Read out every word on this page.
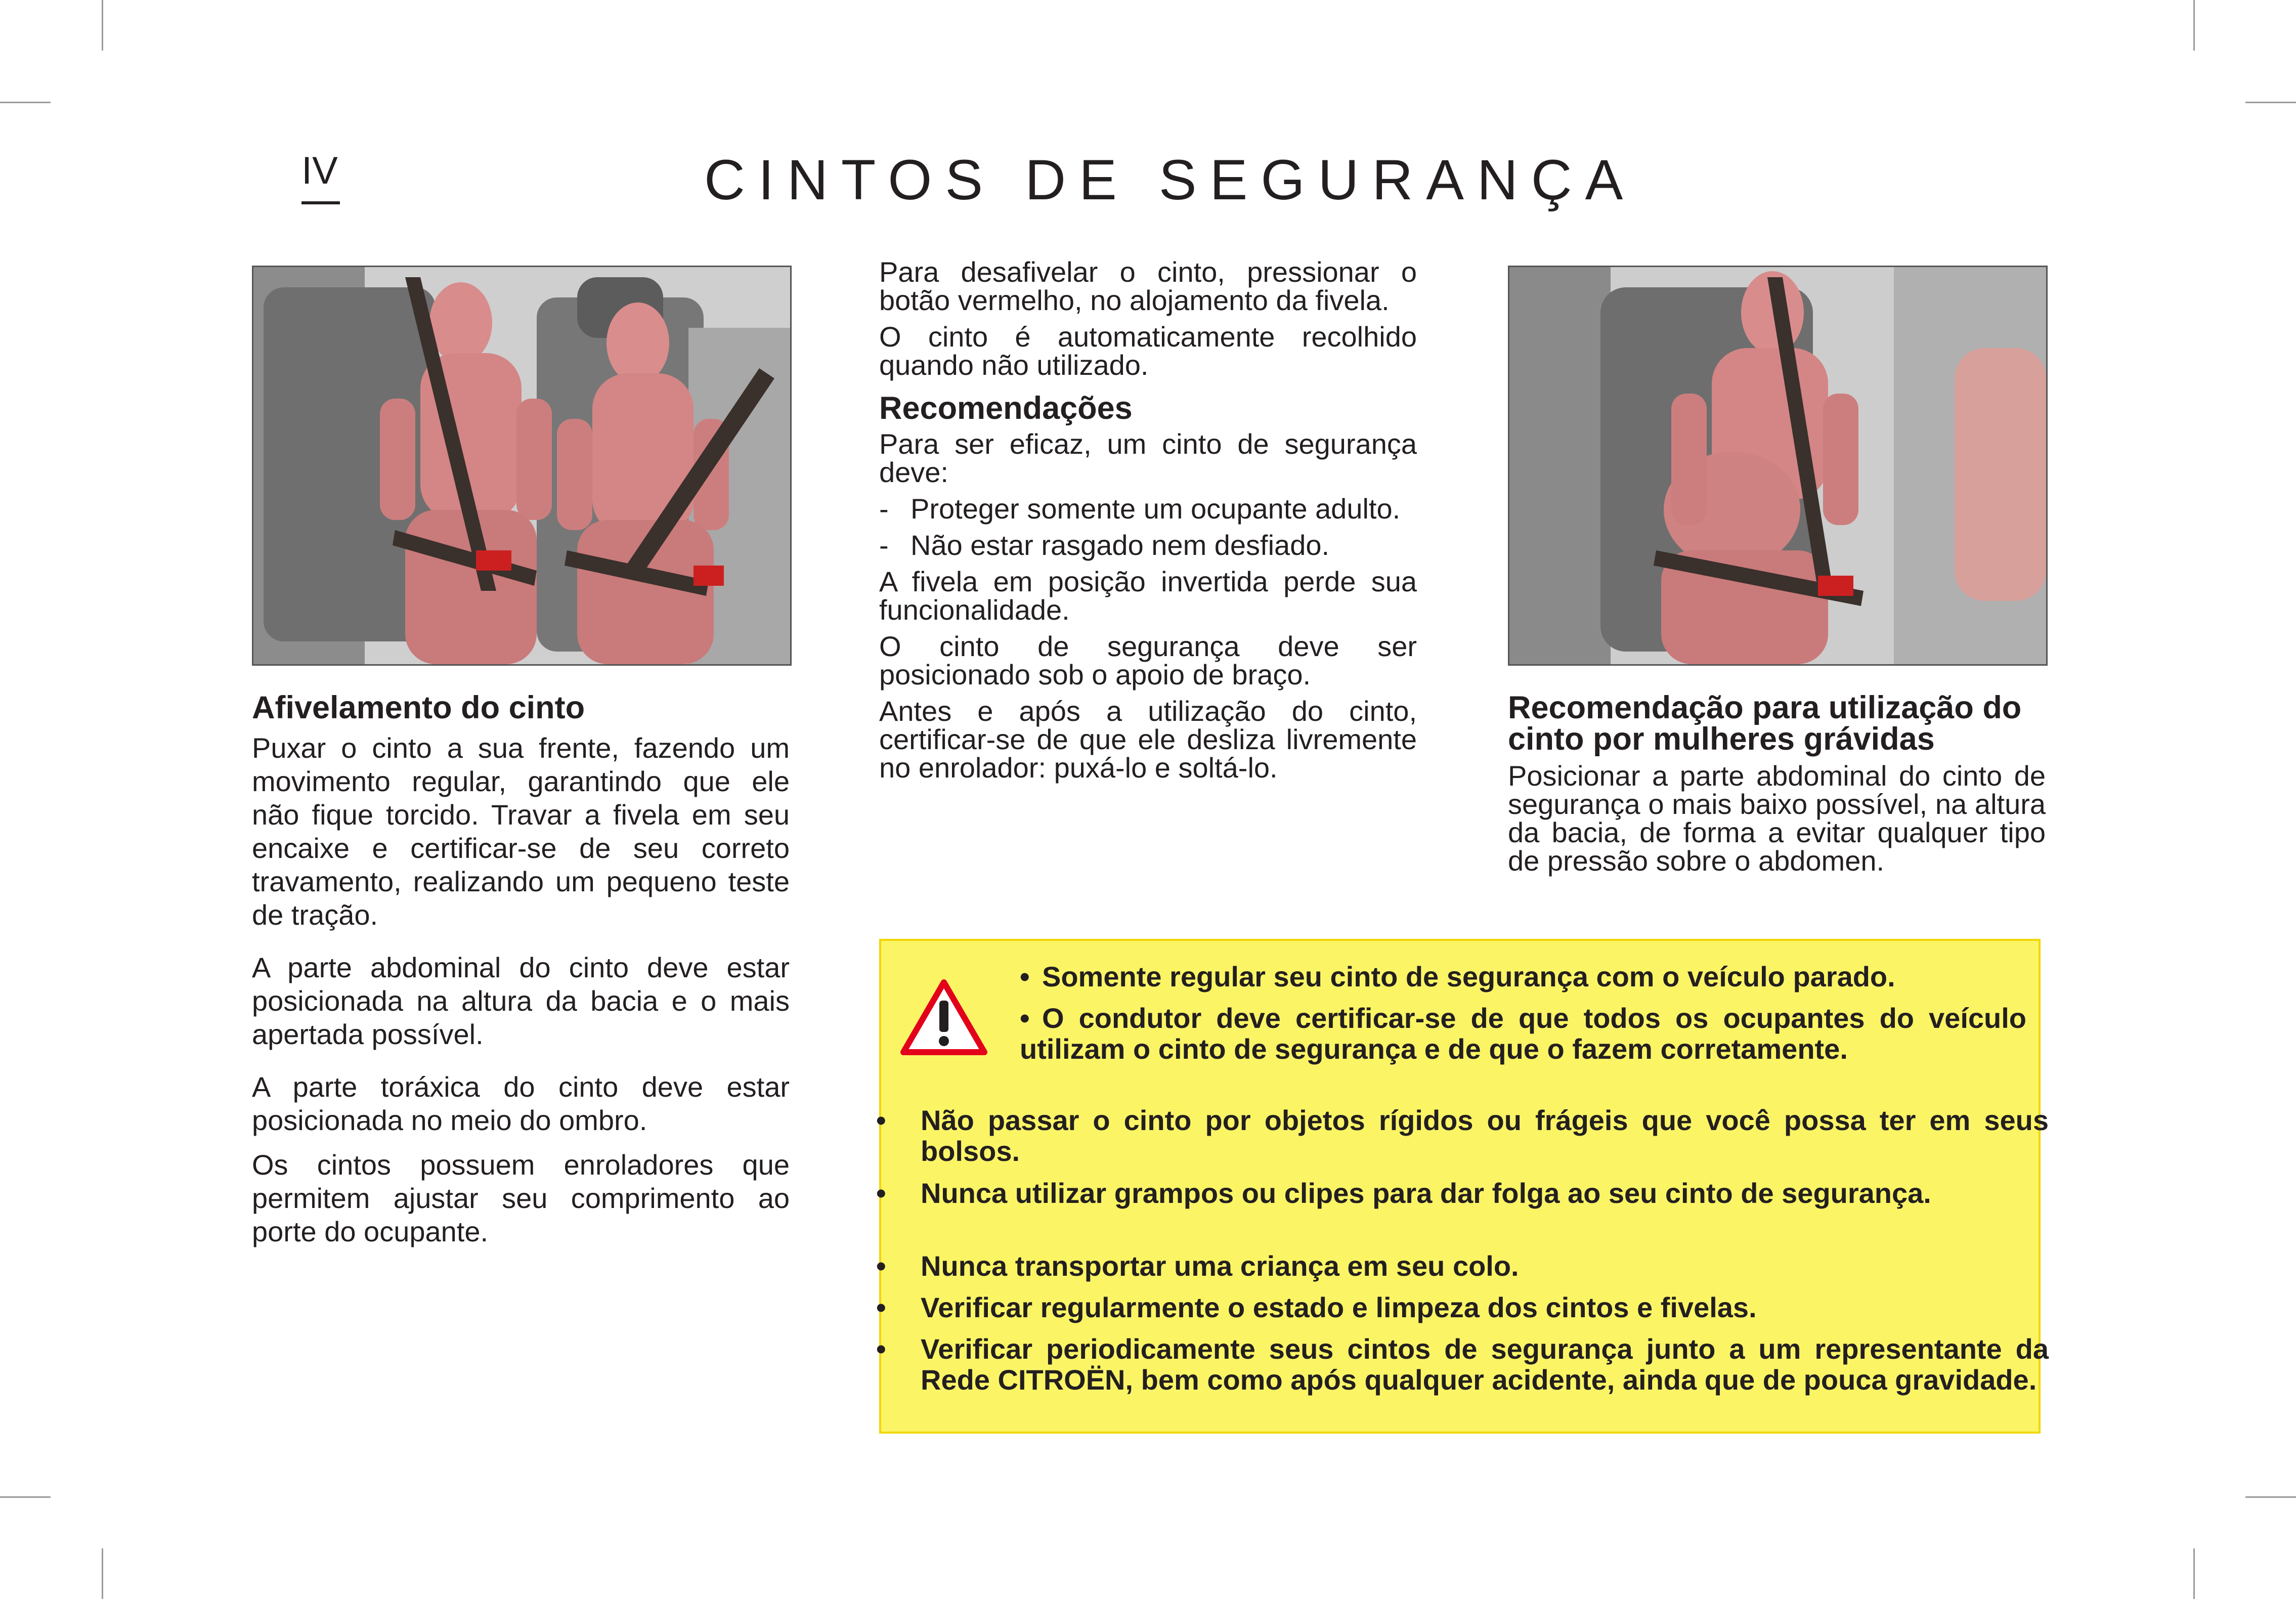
IV	CINTOS DE SEGURANÇA
Afivelamento do cinto

Puxar o cinto a sua frente, fazendo um movimento regular, garantindo que ele não fique torcido. Travar a fivela em seu encaixe e certificar-se de seu correto travamento, realizando um pequeno teste de tração.

A parte abdominal do cinto deve estar posicionada na altura da bacia e o mais apertada possível.

A parte toráxica do cinto deve estar posicionada no meio do ombro.

Os cintos possuem enroladores que permitem ajustar seu comprimento ao porte do ocupante.

Para desafivelar o cinto, pressionar o botão vermelho, no alojamento da fivela.

O cinto é automaticamente recolhido quando não utilizado.

Recomendações

Para ser eficaz, um cinto de segurança deve:

- Proteger somente um ocupante adulto.
- Não estar rasgado nem desfiado.

A fivela em posição invertida perde sua funcionalidade.

O cinto de segurança deve ser posicionado sob o apoio de braço.

Antes e após a utilização do cinto, certificar-se de que ele desliza livremente no enrolador: puxá-lo e soltá-lo.

Recomendação para utilização do cinto por mulheres grávidas

Posicionar a parte abdominal do cinto de segurança o mais baixo possível, na altura da bacia, de forma a evitar qualquer tipo de pressão sobre o abdomen.

• Somente regular seu cinto de segurança com o veículo parado.
• O condutor deve certificar-se de que todos os ocupantes do veículo utilizam o cinto de segurança e de que o fazem corretamente.
• Não passar o cinto por objetos rígidos ou frágeis que você possa ter em seus bolsos.
• Nunca utilizar grampos ou clipes para dar folga ao seu cinto de segurança.
• Nunca transportar uma criança em seu colo.
• Verificar regularmente o estado e limpeza dos cintos e fivelas.
• Verificar periodicamente seus cintos de segurança junto a um representante da Rede CITROËN, bem como após qualquer acidente, ainda que de pouca gravidade.
